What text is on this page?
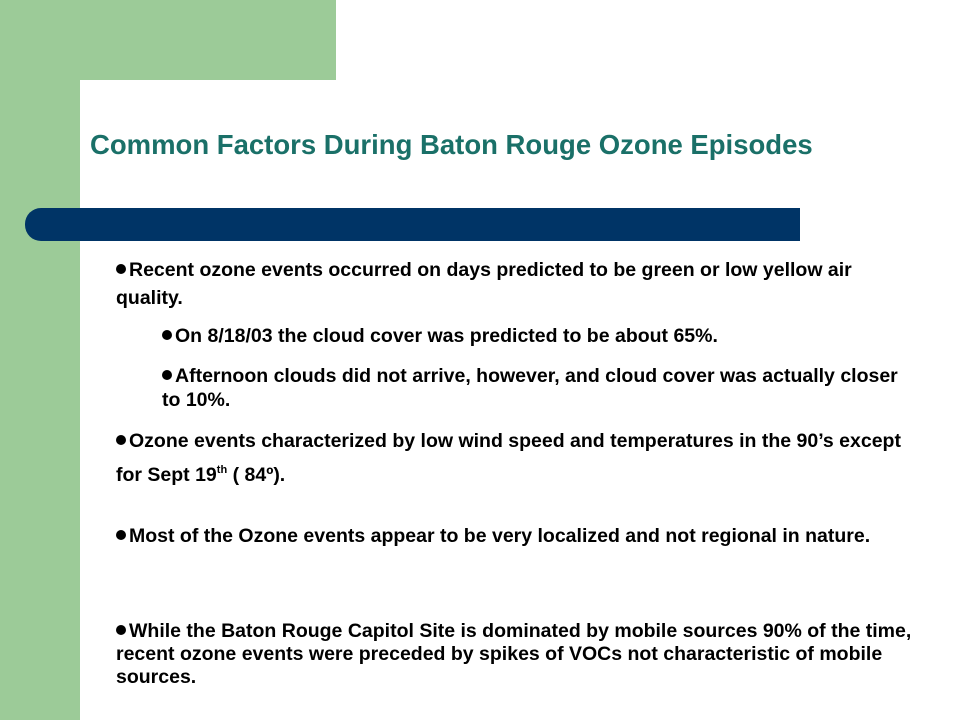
Common Factors During Baton Rouge Ozone Episodes

Recent ozone events occurred on days predicted to be green or low yellow air quality.

On 8/18/03 the cloud cover was predicted to be about 65%.

Afternoon clouds did not arrive, however, and cloud cover was actually closer to 10%.

Ozone events characterized by low wind speed and temperatures in the 90’s except for Sept 19th ( 84º).

Most of the Ozone events appear to be very localized and not regional in nature.

While the Baton Rouge Capitol Site is dominated by mobile sources 90% of the time, recent ozone events were preceded by spikes of VOCs not characteristic of mobile sources.
